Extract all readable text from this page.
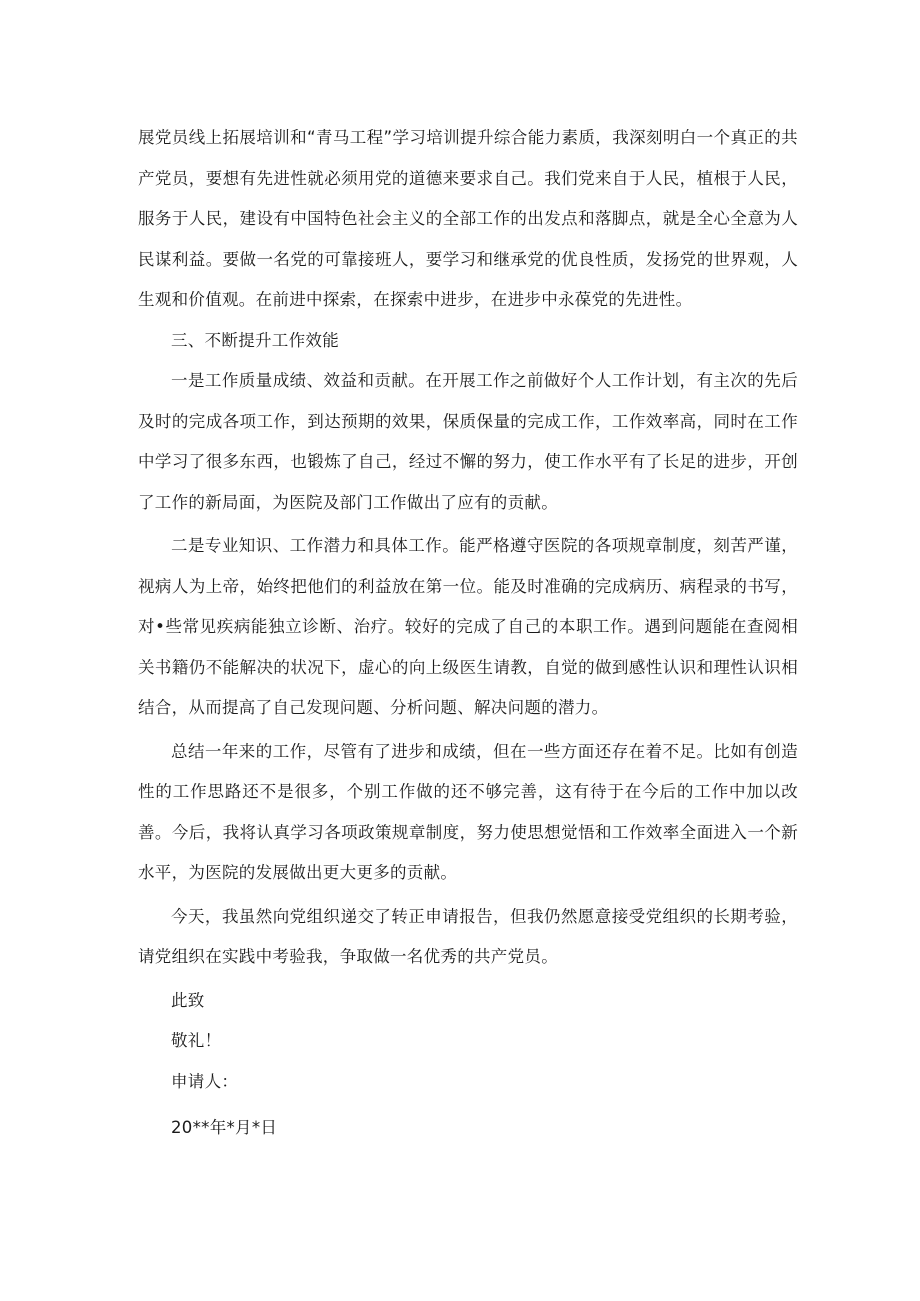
展党员线上拓展培训和“青马工程”学习培训提升综合能力素质，我深刻明白一个真正的共产党员，要想有先进性就必须用党的道德来要求自己。我们党来自于人民，植根于人民，服务于人民，建设有中国特色社会主义的全部工作的出发点和落脚点，就是全心全意为人民谋利益。要做一名党的可靠接班人，要学习和继承党的优良性质，发扬党的世界观，人生观和价值观。在前进中探索，在探索中进步，在进步中永葆党的先进性。

三、不断提升工作效能

一是工作质量成绩、效益和贡献。在开展工作之前做好个人工作计划，有主次的先后及时的完成各项工作，到达预期的效果，保质保量的完成工作，工作效率高，同时在工作中学习了很多东西，也锻炼了自己，经过不懈的努力，使工作水平有了长足的进步，开创了工作的新局面，为医院及部门工作做出了应有的贡献。

二是专业知识、工作潜力和具体工作。能严格遵守医院的各项规章制度，刻苦严谨，视病人为上帝，始终把他们的利益放在第一位。能及时准确的完成病历、病程录的书写，对•些常见疾病能独立诊断、治疗。较好的完成了自己的本职工作。遇到问题能在查阅相关书籍仍不能解决的状况下，虚心的向上级医生请教，自觉的做到感性认识和理性认识相结合，从而提高了自己发现问题、分析问题、解决问题的潜力。

总结一年来的工作，尽管有了进步和成绩，但在一些方面还存在着不足。比如有创造性的工作思路还不是很多，个别工作做的还不够完善，这有待于在今后的工作中加以改善。今后，我将认真学习各项政策规章制度，努力使思想觉悟和工作效率全面进入一个新水平，为医院的发展做出更大更多的贡献。

今天，我虽然向党组织递交了转正申请报告，但我仍然愿意接受党组织的长期考验，请党组织在实践中考验我，争取做一名优秀的共产党员。

此致

敬礼！

申请人：

20**年*月*日
